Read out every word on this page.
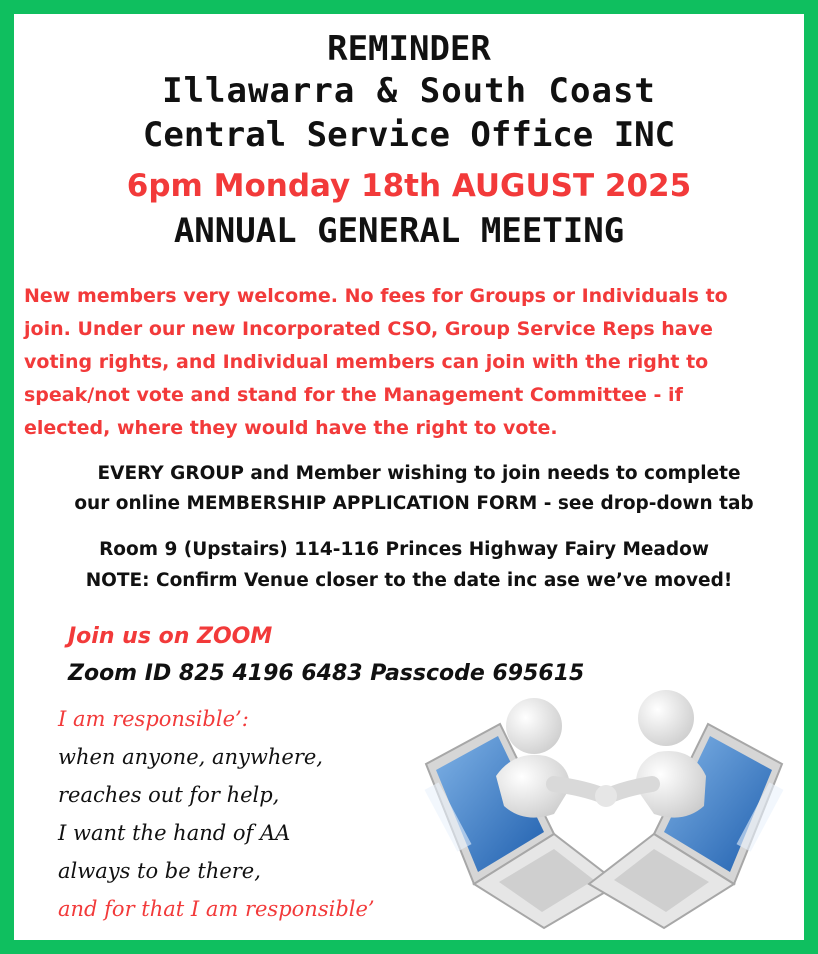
REMINDER
Illawarra & South Coast
Central Service Office INC
6pm Monday 18th AUGUST 2025
ANNUAL GENERAL MEETING
New members very welcome. No fees for Groups or Individuals to
join. Under our new Incorporated CSO, Group Service Reps have
voting rights, and Individual members can join with the right to
speak/not vote and stand for the Management Committee - if
elected, where they would have the right to vote.
EVERY GROUP and Member wishing to join needs to complete
our online MEMBERSHIP APPLICATION FORM - see drop-down tab
Room 9 (Upstairs) 114-116 Princes Highway Fairy Meadow
NOTE: Confirm Venue closer to the date inc ase we’ve moved!
Join us on ZOOM
Zoom ID 825 4196 6483 Passcode 695615
I am responsible’:
when anyone, anywhere,
reaches out for help,
I want the hand of AA
always to be there,
and for that I am responsible’
